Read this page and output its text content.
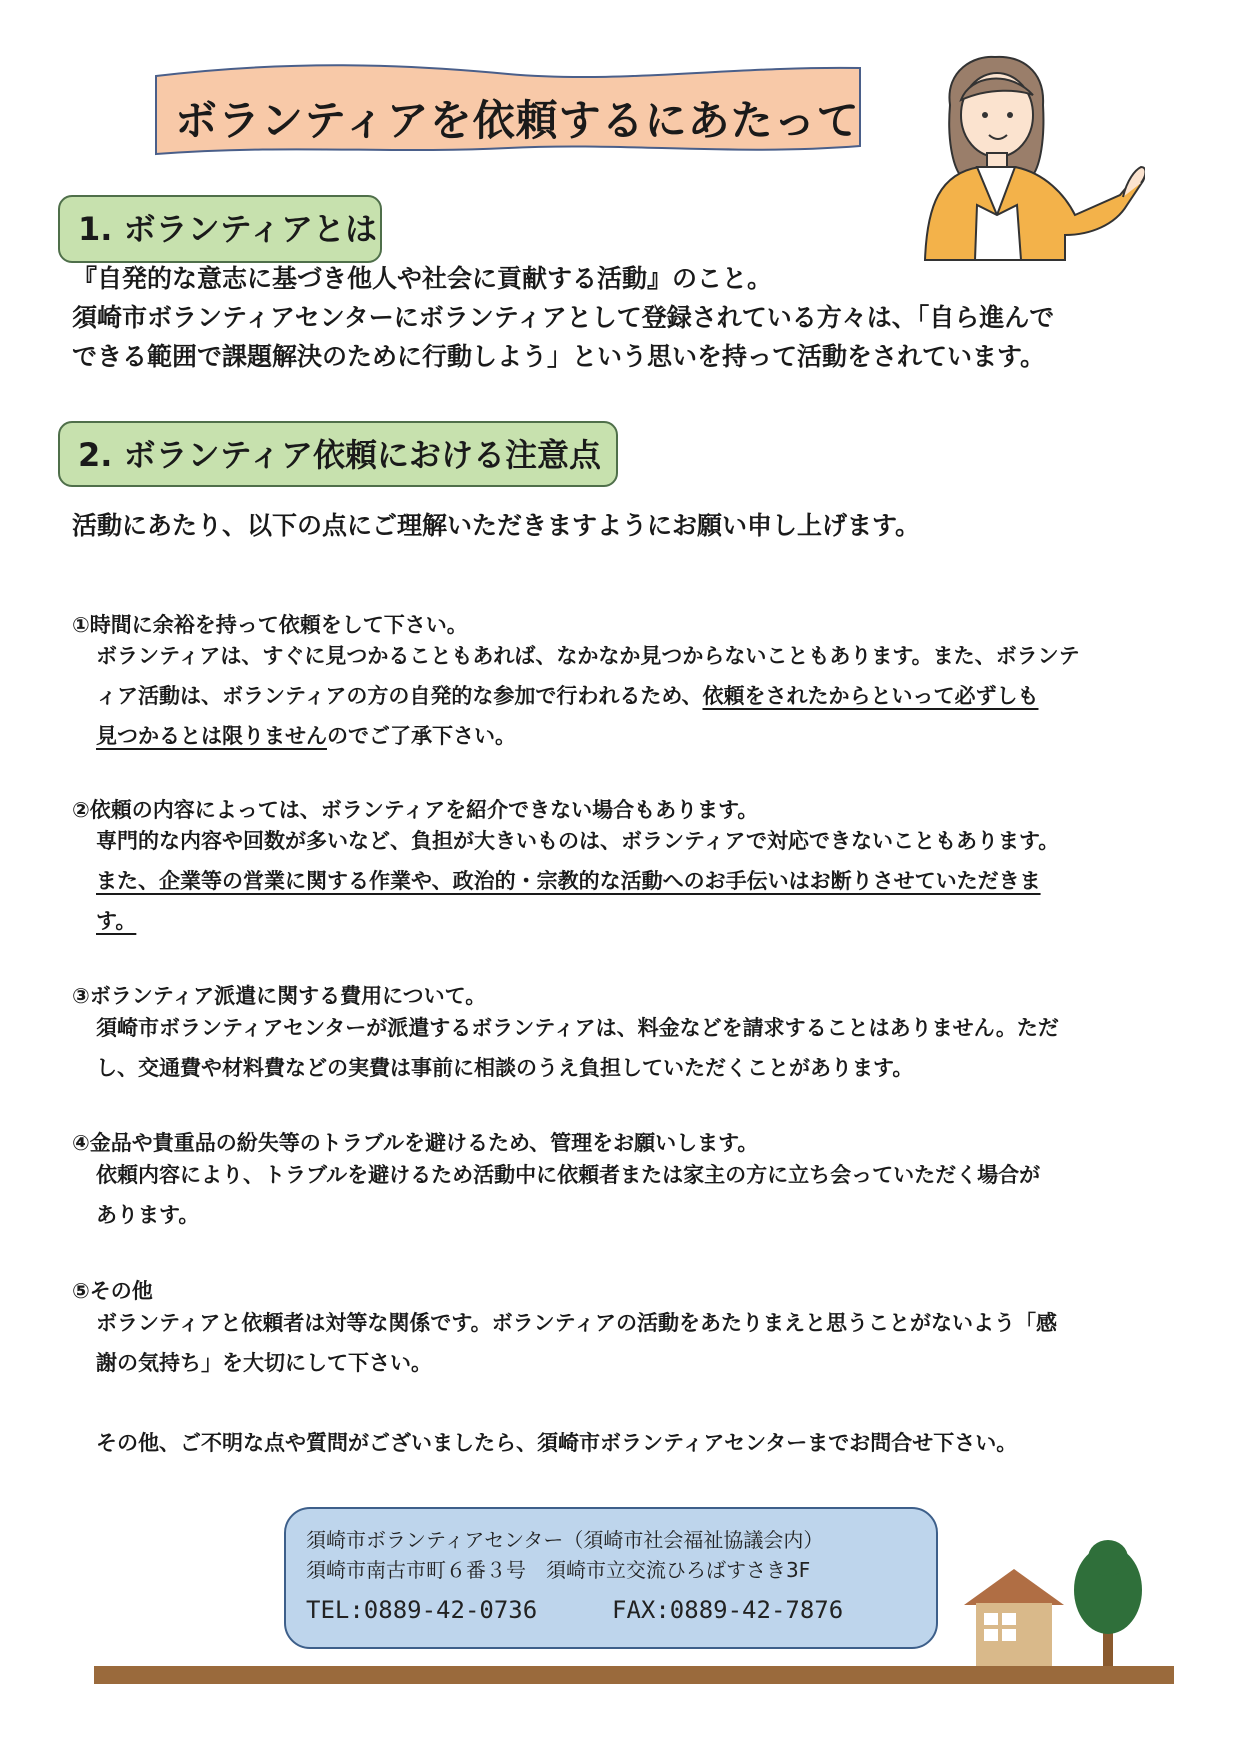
ボランティアを依頼するにあたって
1. ボランティアとは
『自発的な意志に基づき他人や社会に貢献する活動』のこと。
須崎市ボランティアセンターにボランティアとして登録されている方々は、「自ら進んで
できる範囲で課題解決のために行動しよう」という思いを持って活動をされています。
2. ボランティア依頼における注意点
活動にあたり、以下の点にご理解いただきますようにお願い申し上げます。
①時間に余裕を持って依頼をして下さい。
ボランティアは、すぐに見つかることもあれば、なかなか見つからないこともあります。また、ボランテ
ィア活動は、ボランティアの方の自発的な参加で行われるため、依頼をされたからといって必ずしも
見つかるとは限りませんのでご了承下さい。
②依頼の内容によっては、ボランティアを紹介できない場合もあります。
専門的な内容や回数が多いなど、負担が大きいものは、ボランティアで対応できないこともあります。
また、企業等の営業に関する作業や、政治的・宗教的な活動へのお手伝いはお断りさせていただきま
す。
③ボランティア派遣に関する費用について。
須崎市ボランティアセンターが派遣するボランティアは、料金などを請求することはありません。ただ
し、交通費や材料費などの実費は事前に相談のうえ負担していただくことがあります。
④金品や貴重品の紛失等のトラブルを避けるため、管理をお願いします。
依頼内容により、トラブルを避けるため活動中に依頼者または家主の方に立ち会っていただく場合が
あります。
⑤その他
ボランティアと依頼者は対等な関係です。ボランティアの活動をあたりまえと思うことがないよう「感
謝の気持ち」を大切にして下さい。
その他、ご不明な点や質問がございましたら、須崎市ボランティアセンターまでお問合せ下さい。
須崎市ボランティアセンター（須崎市社会福祉協議会内）
須崎市南古市町６番３号　須崎市立交流ひろばすさき3F
TEL:0889-42-0736	FAX:0889-42-7876
